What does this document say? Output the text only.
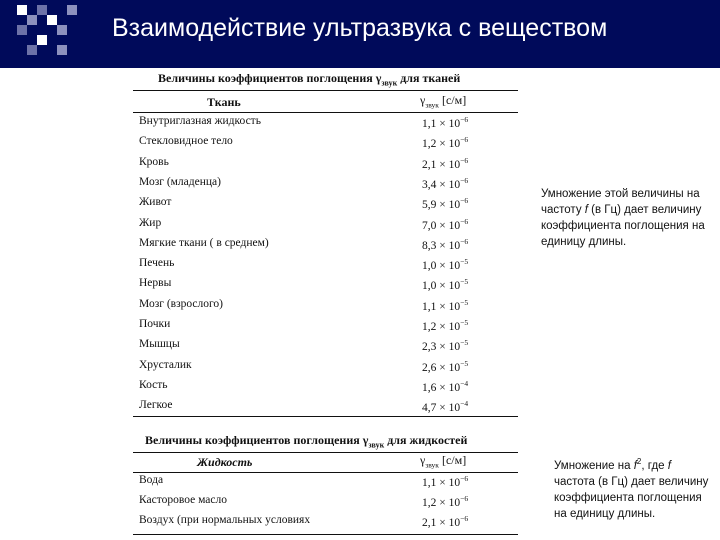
Взаимодействие ультразвука с веществом
Величины коэффициентов поглощения $\gamma_{звук}$ для тканей
Ткань	$\gamma_{звук}$ [с/м]
Внутриглазная жидкость	$1,1 \times 10^{-6}$
Стекловидное тело	$1,2 \times 10^{-6}$
Кровь	$2,1 \times 10^{-6}$
Мозг (младенца)	$3,4 \times 10^{-6}$
Живот	$5,9 \times 10^{-6}$
Жир	$7,0 \times 10^{-6}$
Мягкие ткани ( в среднем)	$8,3 \times 10^{-6}$
Печень	$1,0 \times 10^{-5}$
Нервы	$1,0 \times 10^{-5}$
Мозг (взрослого)	$1,1 \times 10^{-5}$
Почки	$1,2 \times 10^{-5}$
Мышцы	$2,3 \times 10^{-5}$
Хрусталик	$2,6 \times 10^{-5}$
Кость	$1,6 \times 10^{-4}$
Легкое	$4,7 \times 10^{-4}$
Умножение этой величины на частоту f (в Гц) дает величину коэффициента поглощения на единицу длины.
Величины коэффициентов поглощения $\gamma_{звук}$ для жидкостей
Жидкость	$\gamma_{звук}$ [с/м]
Вода	$1,1 \times 10^{-6}$
Касторовое масло	$1,2 \times 10^{-6}$
Воздух (при нормальных условиях	$2,1 \times 10^{-6}$
Умножение на $f^2$, где f частота (в Гц) дает величину коэффициента поглощения на единицу длины.
